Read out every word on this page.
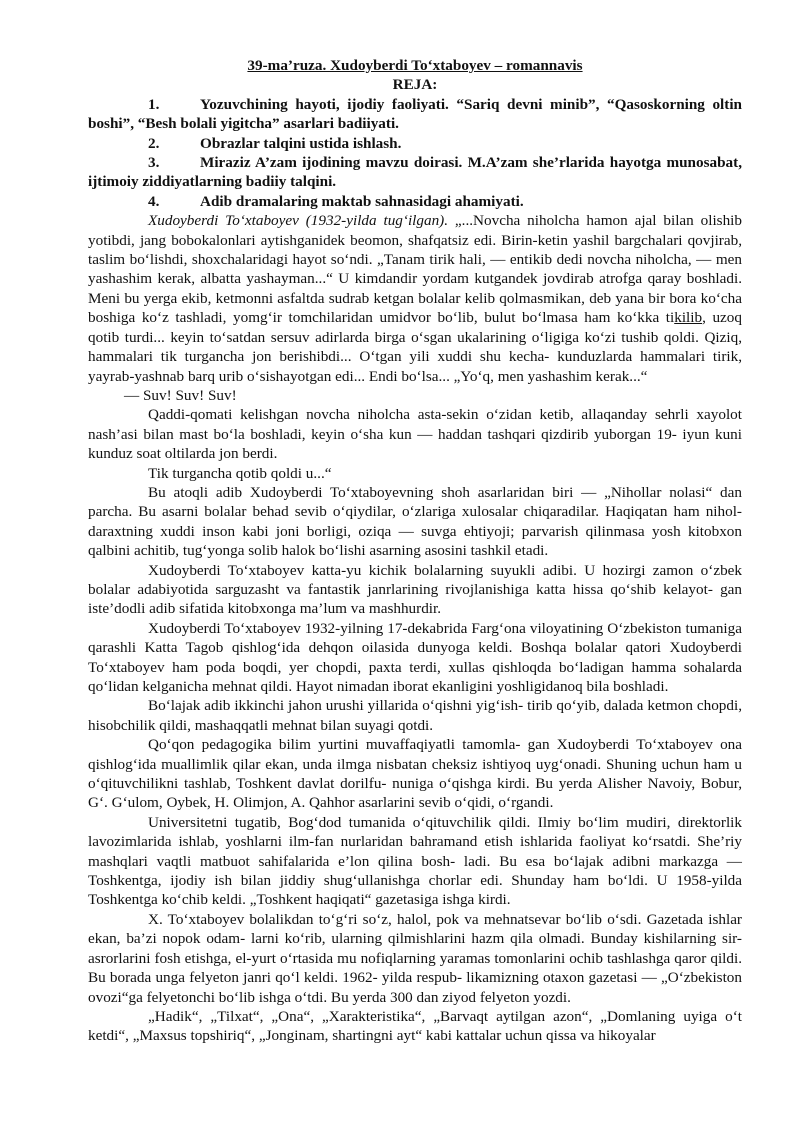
39-ma’ruza. Xudoyberdi To‘xtaboyev – romannavis

REJA:

1.	Yozuvchining hayoti, ijodiy faoliyati. “Sariq devni minib”, “Qasoskorning oltin boshi”, “Besh bolali yigitcha” asarlari badiiyati.

2.	Obrazlar talqini ustida ishlash.

3.	Miraziz A’zam ijodining mavzu doirasi. M.A’zam she’rlarida hayotga munosabat, ijtimoiy ziddiyatlarning badiiy talqini.

4.	Adib dramalaring maktab sahnasidagi ahamiyati.

Xudoyberdi To‘xtaboyev (1932-yilda tug‘ilgan). „...Novcha niholcha hamon ajal bilan olishib yotibdi, jang bobokalonlari aytishganidek beomon, shafqatsiz edi. Birin-ketin yashil bargchalari qovjirab, taslim bo‘lishdi, shoxchalaridagi hayot so‘ndi. „Tanam tirik hali, — entikib dedi novcha niholcha, — men yashashim kerak, albatta yashayman...“ U kimdandir yordam kutgandek jovdirab atrofga qaray boshladi. Meni bu yerga ekib, ketmonni asfaltda sudrab ketgan bolalar kelib qolmasmikan, deb yana bir bora ko‘cha boshiga ko‘z tashladi, yomg‘ir tomchilaridan umidvor bo‘lib, bulut bo‘lmasa ham ko‘kka tikilib, uzoq qotib turdi... keyin to‘satdan sersuv adirlarda birga o‘sgan ukalarining o‘ligiga ko‘zi tushib qoldi. Qiziq, hammalari tik turgancha jon berishibdi... O‘tgan yili xuddi shu kecha- kunduzlarda hammalari tirik, yayrab-yashnab barq urib o‘sishayotgan edi... Endi bo‘lsa... „Yo‘q, men yashashim kerak...“

— Suv! Suv! Suv!

Qaddi-qomati kelishgan novcha niholcha asta-sekin o‘zidan ketib, allaqanday sehrli xayolot nash’asi bilan mast bo‘la boshladi, keyin o‘sha kun — haddan tashqari qizdirib yuborgan 19- iyun kuni kunduz soat oltilarda jon berdi.

Tik turgancha qotib qoldi u...“

Bu atoqli adib Xudoyberdi To‘xtaboyevning shoh asarlaridan biri — „Nihollar nolasi“ dan parcha. Bu asarni bolalar behad sevib o‘qiydilar, o‘zlariga xulosalar chiqaradilar. Haqiqatan ham nihol-daraxtning xuddi inson kabi joni borligi, oziqa — suvga ehtiyoji; parvarish qilinmasa yosh kitobxon qalbini achitib, tug‘yonga solib halok bo‘lishi asarning asosini tashkil etadi.

Xudoyberdi To‘xtaboyev katta-yu kichik bolalarning suyukli adibi. U hozirgi zamon o‘zbek bolalar adabiyotida sarguzasht va fantastik janrlarining rivojlanishiga katta hissa qo‘shib kelayot- gan iste’dodli adib sifatida kitobxonga ma’lum va mashhurdir.

Xudoyberdi To‘xtaboyev 1932-yilning 17-dekabrida Farg‘ona viloyatining O‘zbekiston tumaniga qarashli Katta Tagob qishlog‘ida dehqon oilasida dunyoga keldi. Boshqa bolalar qatori Xudoyberdi To‘xtaboyev ham poda boqdi, yer chopdi, paxta terdi, xullas qishloqda bo‘ladigan hamma sohalarda qo‘lidan kelganicha mehnat qildi. Hayot nimadan iborat ekanligini yoshligidanoq bila boshladi.

Bo‘lajak adib ikkinchi jahon urushi yillarida o‘qishni yig‘ish- tirib qo‘yib, dalada ketmon chopdi, hisobchilik qildi, mashaqqatli mehnat bilan suyagi qotdi.

Qo‘qon pedagogika bilim yurtini muvaffaqiyatli tamomla- gan Xudoyberdi To‘xtaboyev ona qishlog‘ida muallimlik qilar ekan, unda ilmga nisbatan cheksiz ishtiyoq uyg‘onadi. Shuning uchun ham u o‘qituvchilikni tashlab, Toshkent davlat dorilfu- nuniga o‘qishga kirdi. Bu yerda Alisher Navoiy, Bobur, G‘. G‘ulom, Oybek, H. Olimjon, A. Qahhor asarlarini sevib o‘qidi, o‘rgandi.

Universitetni tugatib, Bog‘dod tumanida o‘qituvchilik qildi. Ilmiy bo‘lim mudiri, direktorlik lavozimlarida ishlab, yoshlarni ilm-fan nurlaridan bahramand etish ishlarida faoliyat ko‘rsatdi. She’riy mashqlari vaqtli matbuot sahifalarida e’lon qilina bosh- ladi. Bu esa bo‘lajak adibni markazga — Toshkentga, ijodiy ish bilan jiddiy shug‘ullanishga chorlar edi. Shunday ham bo‘ldi. U 1958-yilda Toshkentga ko‘chib keldi. „Toshkent haqiqati“ gazetasiga ishga kirdi.

X. To‘xtaboyev bolalikdan to‘g‘ri so‘z, halol, pok va mehnatsevar bo‘lib o‘sdi. Gazetada ishlar ekan, ba’zi nopok odam- larni ko‘rib, ularning qilmishlarini hazm qila olmadi. Bunday kishilarning sir-asrorlarini fosh etishga, el-yurt o‘rtasida mu nofiqlarning yaramas tomonlarini ochib tashlashga qaror qildi. Bu borada unga felyeton janri qo‘l keldi. 1962- yilda respub- likamizning otaxon gazetasi — „O‘zbekiston ovozi“ga felyetonchi bo‘lib ishga o‘tdi. Bu yerda 300 dan ziyod felyeton yozdi.

„Hadik“, „Tilxat“, „Ona“, „Xarakteristika“, „Barvaqt aytilgan azon“, „Domlaning uyiga o‘t ketdi“, „Maxsus topshiriq“, „Jonginam, shartingni ayt“ kabi kattalar uchun qissa va hikoyalar
